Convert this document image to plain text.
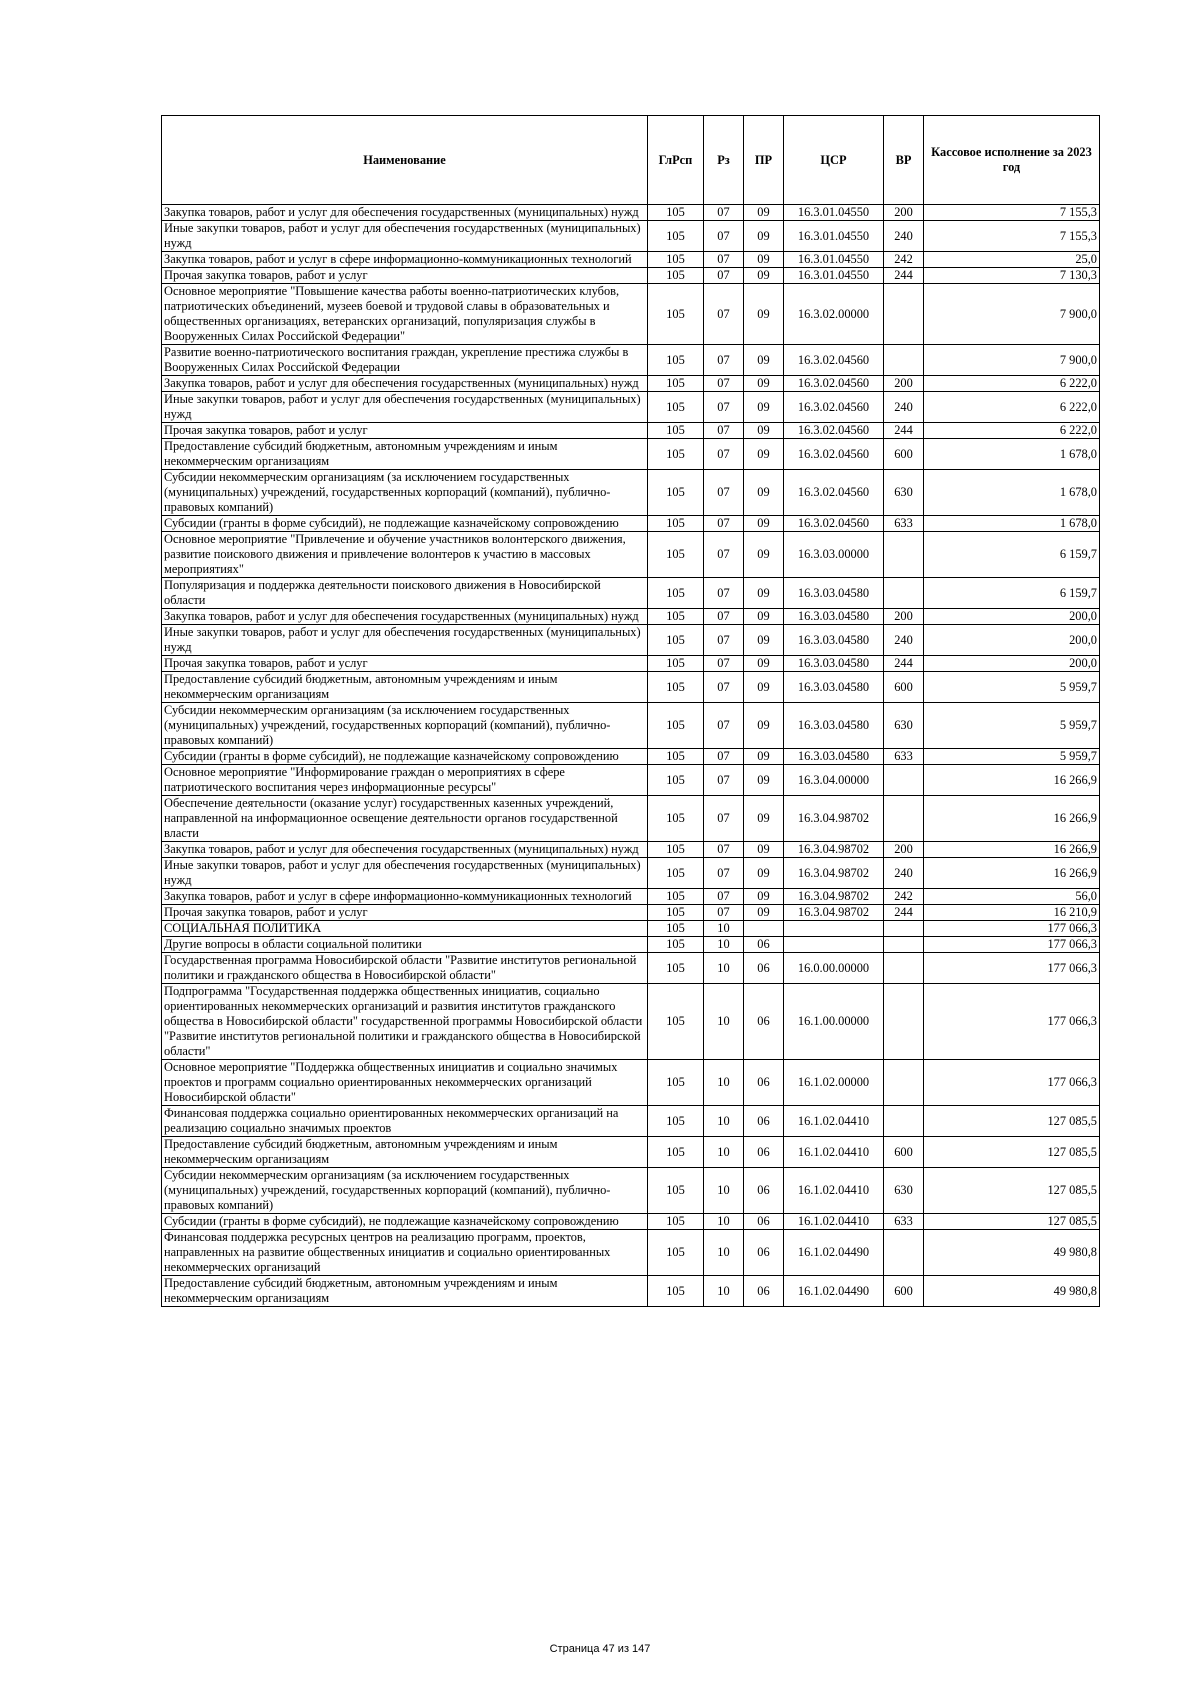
Наименование	ГлРсп	Рз	ПР	ЦСР	ВР	Кассовое исполнение за 2023 год
Закупка товаров, работ и услуг для обеспечения государственных (муниципальных) нужд	105	07	09	16.3.01.04550	200	7 155,3
Иные закупки товаров, работ и услуг для обеспечения государственных (муниципальных) нужд	105	07	09	16.3.01.04550	240	7 155,3
Закупка товаров, работ и услуг в сфере информационно-коммуникационных технологий	105	07	09	16.3.01.04550	242	25,0
Прочая закупка товаров, работ и услуг	105	07	09	16.3.01.04550	244	7 130,3
Основное мероприятие "Повышение качества работы военно-патриотических клубов, патриотических объединений, музеев боевой и трудовой славы в образовательных и общественных организациях, ветеранских организаций, популяризация службы в Вооруженных Силах Российской Федерации"	105	07	09	16.3.02.00000		7 900,0
Развитие военно-патриотического воспитания граждан, укрепление престижа службы в Вооруженных Силах Российской Федерации	105	07	09	16.3.02.04560		7 900,0
Закупка товаров, работ и услуг для обеспечения государственных (муниципальных) нужд	105	07	09	16.3.02.04560	200	6 222,0
Иные закупки товаров, работ и услуг для обеспечения государственных (муниципальных) нужд	105	07	09	16.3.02.04560	240	6 222,0
Прочая закупка товаров, работ и услуг	105	07	09	16.3.02.04560	244	6 222,0
Предоставление субсидий бюджетным, автономным учреждениям и иным некоммерческим организациям	105	07	09	16.3.02.04560	600	1 678,0
Субсидии некоммерческим организациям (за исключением государственных (муниципальных) учреждений, государственных корпораций (компаний), публично-правовых компаний)	105	07	09	16.3.02.04560	630	1 678,0
Субсидии (гранты в форме субсидий), не подлежащие казначейскому сопровождению	105	07	09	16.3.02.04560	633	1 678,0
Основное мероприятие "Привлечение и обучение участников волонтерского движения, развитие поискового движения и привлечение волонтеров к участию в массовых мероприятиях"	105	07	09	16.3.03.00000		6 159,7
Популяризация и поддержка деятельности поискового движения в Новосибирской области	105	07	09	16.3.03.04580		6 159,7
Закупка товаров, работ и услуг для обеспечения государственных (муниципальных) нужд	105	07	09	16.3.03.04580	200	200,0
Иные закупки товаров, работ и услуг для обеспечения государственных (муниципальных) нужд	105	07	09	16.3.03.04580	240	200,0
Прочая закупка товаров, работ и услуг	105	07	09	16.3.03.04580	244	200,0
Предоставление субсидий бюджетным, автономным учреждениям и иным некоммерческим организациям	105	07	09	16.3.03.04580	600	5 959,7
Субсидии некоммерческим организациям (за исключением государственных (муниципальных) учреждений, государственных корпораций (компаний), публично-правовых компаний)	105	07	09	16.3.03.04580	630	5 959,7
Субсидии (гранты в форме субсидий), не подлежащие казначейскому сопровождению	105	07	09	16.3.03.04580	633	5 959,7
Основное мероприятие "Информирование граждан о мероприятиях в сфере патриотического воспитания через информационные ресурсы"	105	07	09	16.3.04.00000		16 266,9
Обеспечение деятельности (оказание услуг) государственных казенных учреждений, направленной на информационное освещение деятельности органов государственной власти	105	07	09	16.3.04.98702		16 266,9
Закупка товаров, работ и услуг для обеспечения государственных (муниципальных) нужд	105	07	09	16.3.04.98702	200	16 266,9
Иные закупки товаров, работ и услуг для обеспечения государственных (муниципальных) нужд	105	07	09	16.3.04.98702	240	16 266,9
Закупка товаров, работ и услуг в сфере информационно-коммуникационных технологий	105	07	09	16.3.04.98702	242	56,0
Прочая закупка товаров, работ и услуг	105	07	09	16.3.04.98702	244	16 210,9
СОЦИАЛЬНАЯ ПОЛИТИКА	105	10				177 066,3
Другие вопросы в области социальной политики	105	10	06			177 066,3
Государственная программа Новосибирской области "Развитие институтов региональной политики и гражданского общества в Новосибирской области"	105	10	06	16.0.00.00000		177 066,3
Подпрограмма "Государственная поддержка общественных инициатив, социально ориентированных некоммерческих организаций и развития институтов гражданского общества в Новосибирской области" государственной программы Новосибирской области "Развитие институтов региональной политики и гражданского общества в Новосибирской области"	105	10	06	16.1.00.00000		177 066,3
Основное мероприятие "Поддержка общественных инициатив и социально значимых проектов и программ социально ориентированных некоммерческих организаций Новосибирской области"	105	10	06	16.1.02.00000		177 066,3
Финансовая поддержка социально ориентированных некоммерческих организаций на реализацию социально значимых проектов	105	10	06	16.1.02.04410		127 085,5
Предоставление субсидий бюджетным, автономным учреждениям и иным некоммерческим организациям	105	10	06	16.1.02.04410	600	127 085,5
Субсидии некоммерческим организациям (за исключением государственных (муниципальных) учреждений, государственных корпораций (компаний), публично-правовых компаний)	105	10	06	16.1.02.04410	630	127 085,5
Субсидии (гранты в форме субсидий), не подлежащие казначейскому сопровождению	105	10	06	16.1.02.04410	633	127 085,5
Финансовая поддержка ресурсных центров на реализацию программ, проектов, направленных на развитие общественных инициатив и социально ориентированных некоммерческих организаций	105	10	06	16.1.02.04490		49 980,8
Предоставление субсидий бюджетным, автономным учреждениям и иным некоммерческим организациям	105	10	06	16.1.02.04490	600	49 980,8
Страница 47 из 147
